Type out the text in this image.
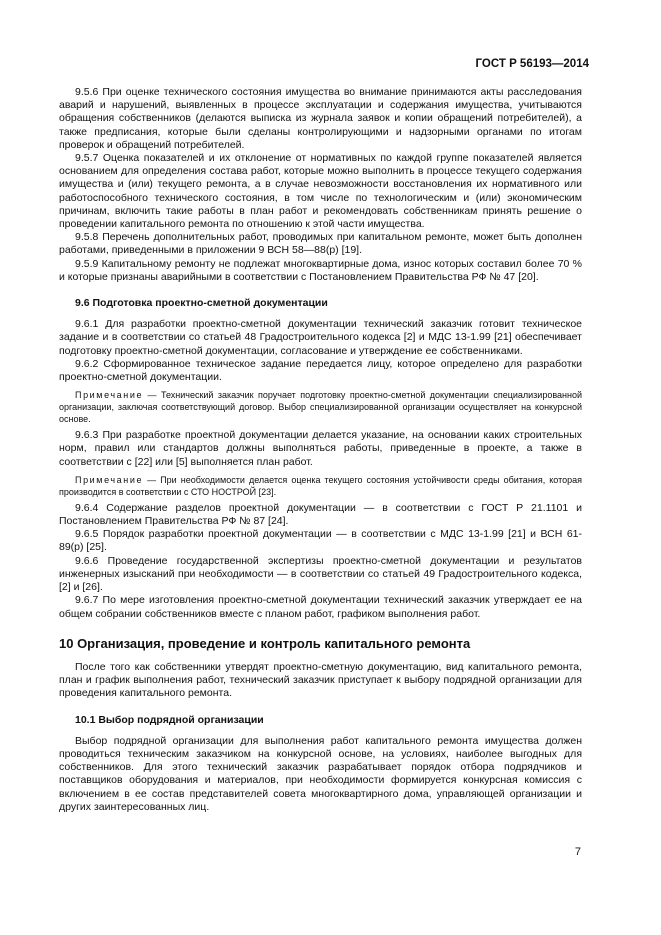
ГОСТ Р 56193—2014

9.5.6 При оценке технического состояния имущества во внимание принимаются акты расследования аварий и нарушений, выявленных в процессе эксплуатации и содержания имущества, учитываются обращения собственников (делаются выписка из журнала заявок и копии обращений потребителей), а также предписания, которые были сделаны контролирующими и надзорными органами по итогам проверок и обращений потребителей.

9.5.7 Оценка показателей и их отклонение от нормативных по каждой группе показателей является основанием для определения состава работ, которые можно выполнить в процессе текущего содержания имущества и (или) текущего ремонта, а в случае невозможности восстановления их нормативного или работоспособного технического состояния, в том числе по технологическим и (или) экономическим причинам, включить такие работы в план работ и рекомендовать собственникам принять решение о проведении капитального ремонта по отношению к этой части имущества.

9.5.8 Перечень дополнительных работ, проводимых при капитальном ремонте, может быть дополнен работами, приведенными в приложении 9 ВСН 58—88(р) [19].

9.5.9 Капитальному ремонту не подлежат многоквартирные дома, износ которых составил более 70 % и которые признаны аварийными в соответствии с Постановлением Правительства РФ № 47 [20].

9.6 Подготовка проектно-сметной документации

9.6.1 Для разработки проектно-сметной документации технический заказчик готовит техническое задание и в соответствии со статьей 48 Градостроительного кодекса [2] и МДС 13-1.99 [21] обеспечивает подготовку проектно-сметной документации, согласование и утверждение ее собственниками.

9.6.2 Сформированное техническое задание передается лицу, которое определено для разработки проектно-сметной документации.

Примечание — Технический заказчик поручает подготовку проектно-сметной документации специализированной организации, заключая соответствующий договор. Выбор специализированной организации осуществляет на конкурсной основе.

9.6.3 При разработке проектной документации делается указание, на основании каких строительных норм, правил или стандартов должны выполняться работы, приведенные в проекте, а также в соответствии с [22] или [5] выполняется план работ.

Примечание — При необходимости делается оценка текущего состояния устойчивости среды обитания, которая производится в соответствии с СТО НОСТРОЙ [23].

9.6.4 Содержание разделов проектной документации — в соответствии с ГОСТ Р 21.1101 и Постановлением Правительства РФ № 87 [24].

9.6.5 Порядок разработки проектной документации — в соответствии с МДС 13-1.99 [21] и ВСН 61-89(р) [25].

9.6.6 Проведение государственной экспертизы проектно-сметной документации и результатов инженерных изысканий при необходимости — в соответствии со статьей 49 Градостроительного кодекса, [2] и [26].

9.6.7 По мере изготовления проектно-сметной документации технический заказчик утверждает ее на общем собрании собственников вместе с планом работ, графиком выполнения работ.

10 Организация, проведение и контроль капитального ремонта

После того как собственники утвердят проектно-сметную документацию, вид капитального ремонта, план и график выполнения работ, технический заказчик приступает к выбору подрядной организации для проведения капитального ремонта.

10.1 Выбор подрядной организации

Выбор подрядной организации для выполнения работ капитального ремонта имущества должен проводиться техническим заказчиком на конкурсной основе, на условиях, наиболее выгодных для собственников. Для этого технический заказчик разрабатывает порядок отбора подрядчиков и поставщиков оборудования и материалов, при необходимости формируется конкурсная комиссия с включением в ее состав представителей совета многоквартирного дома, управляющей организации и других заинтересованных лиц.

7
